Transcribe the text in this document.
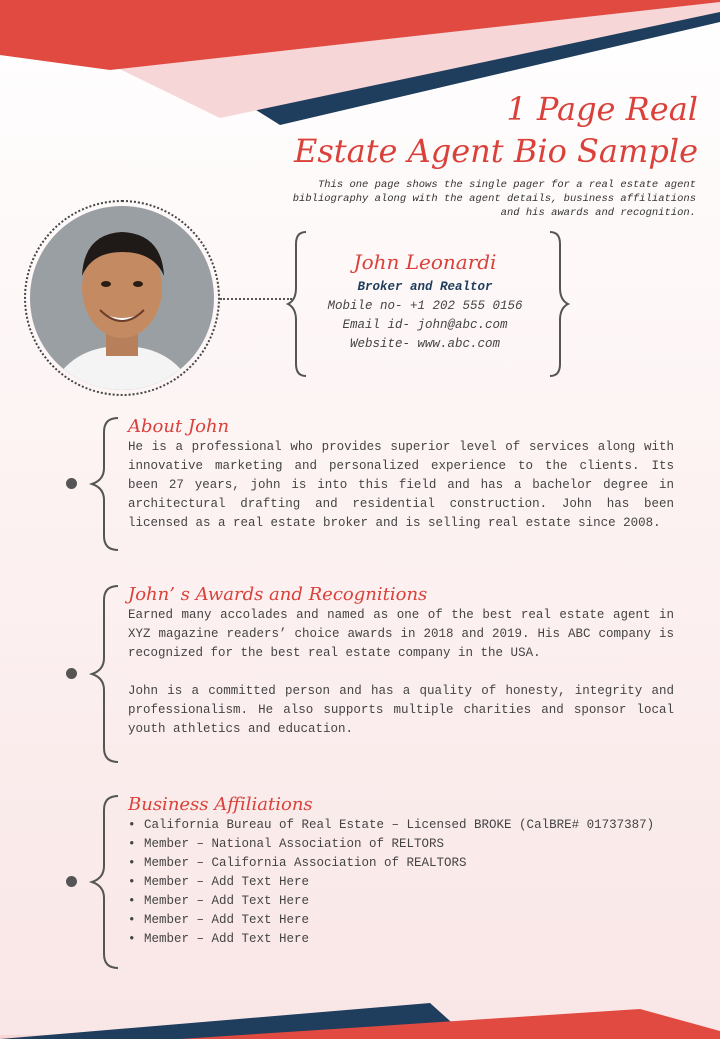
1 Page Real
Estate Agent Bio Sample
This one page shows the single pager for a real estate agent bibliography along with the agent details, business affiliations and his awards and recognition.
John Leonardi
Broker and Realtor
Mobile no- +1 202 555 0156
Email id- john@abc.com
Website- www.abc.com
About John

He is a professional who provides superior level of services along with innovative marketing and personalized experience to the clients. Its been 27 years, john is into this field and has a bachelor degree in architectural drafting and residential construction. John has been licensed as a real estate broker and is selling real estate since 2008.

John’ s Awards and Recognitions

Earned many accolades and named as one of the best real estate agent in XYZ magazine readers’ choice awards in 2018 and 2019. His ABC company is recognized for the best real estate company in the USA.

John is a committed person and has a quality of honesty, integrity and professionalism. He also supports multiple charities and sponsor local youth athletics and education.

Business Affiliations
• California Bureau of Real Estate – Licensed BROKE (CalBRE# 01737387)
• Member – National Association of RELTORS
• Member – California Association of REALTORS
• Member – Add Text Here
• Member – Add Text Here
• Member – Add Text Here
• Member – Add Text Here
